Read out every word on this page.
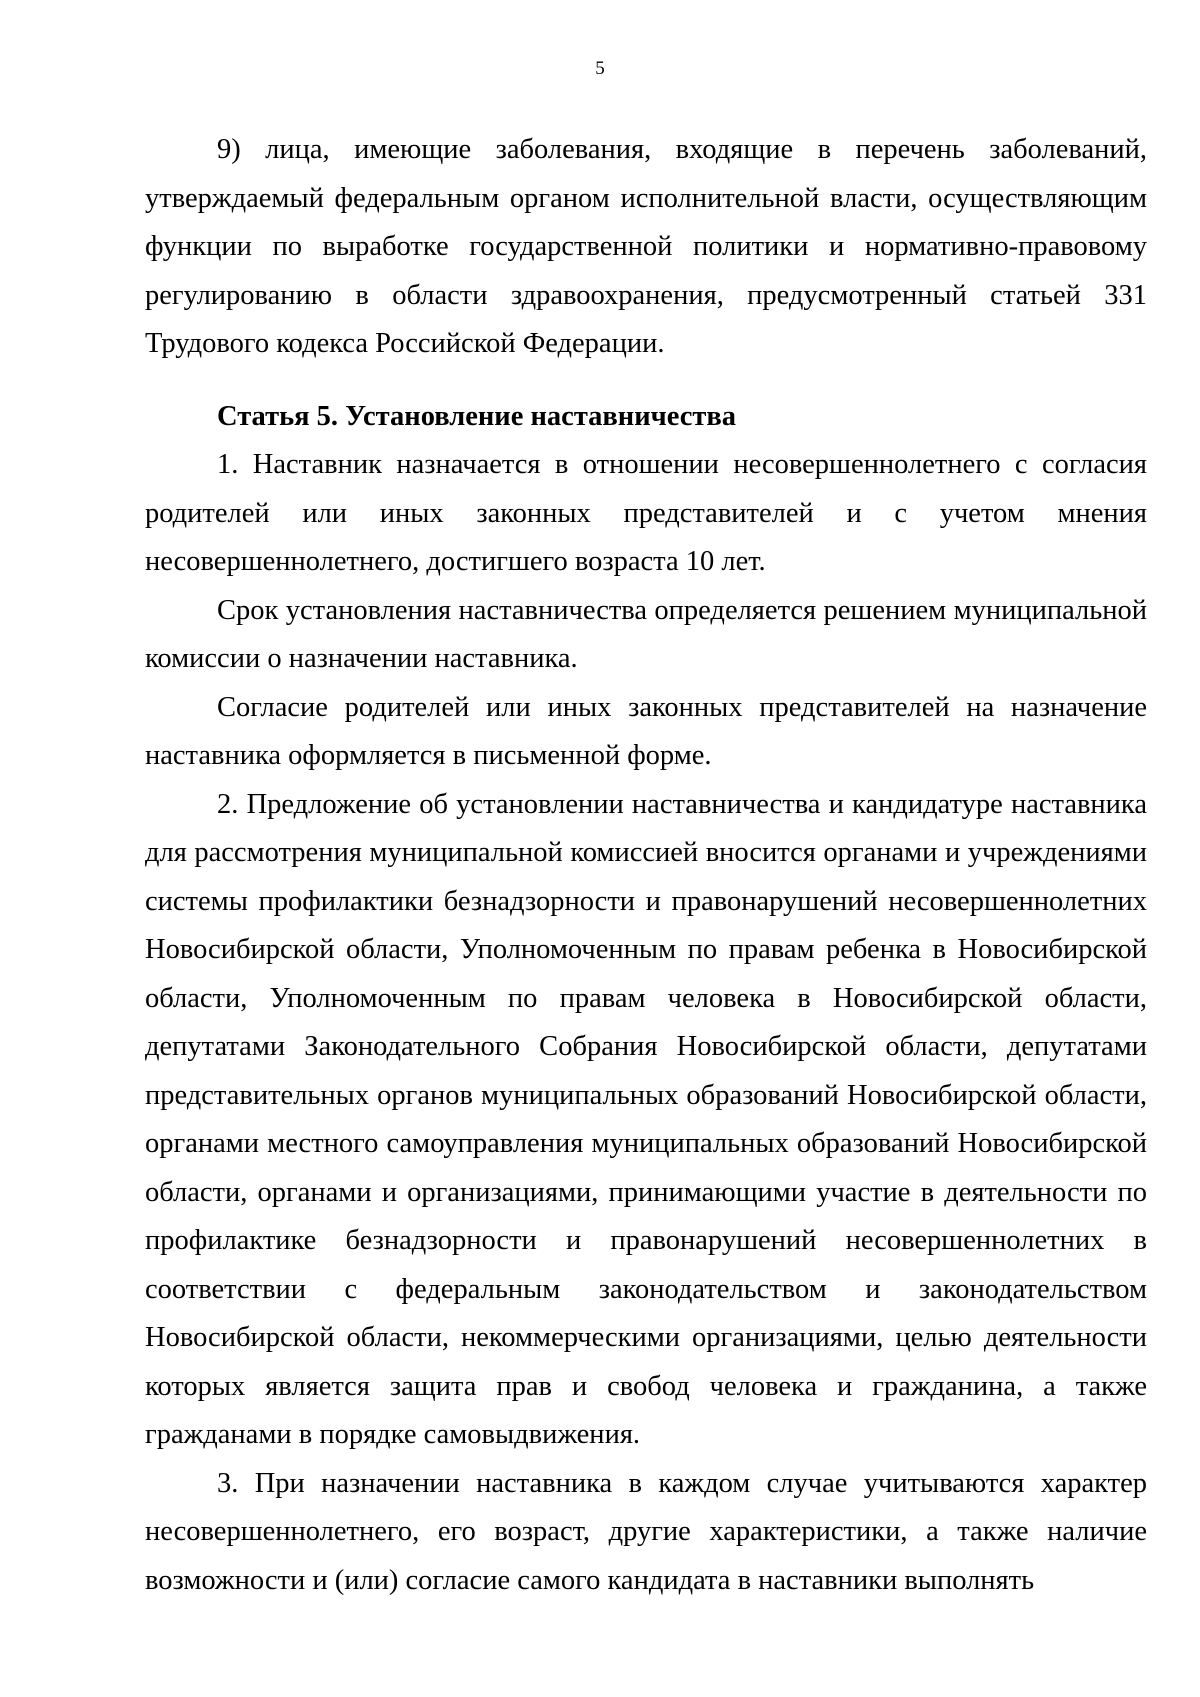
5

9) лица, имеющие заболевания, входящие в перечень заболеваний, утверждаемый федеральным органом исполнительной власти, осуществляющим функции по выработке государственной политики и нормативно-правовому регулированию в области здравоохранения, предусмотренный статьей 331 Трудового кодекса Российской Федерации.

Статья 5. Установление наставничества

1. Наставник назначается в отношении несовершеннолетнего с согласия родителей или иных законных представителей и с учетом мнения несовершеннолетнего, достигшего возраста 10 лет.

Срок установления наставничества определяется решением муниципальной комиссии о назначении наставника.

Согласие родителей или иных законных представителей на назначение наставника оформляется в письменной форме.

2. Предложение об установлении наставничества и кандидатуре наставника для рассмотрения муниципальной комиссией вносится органами и учреждениями системы профилактики безнадзорности и правонарушений несовершеннолетних Новосибирской области, Уполномоченным по правам ребенка в Новосибирской области, Уполномоченным по правам человека в Новосибирской области, депутатами Законодательного Собрания Новосибирской области, депутатами представительных органов муниципальных образований Новосибирской области, органами местного самоуправления муниципальных образований Новосибирской области, органами и организациями, принимающими участие в деятельности по профилактике безнадзорности и правонарушений несовершеннолетних в соответствии с федеральным законодательством и законодательством Новосибирской области, некоммерческими организациями, целью деятельности которых является защита прав и свобод человека и гражданина, а также гражданами в порядке самовыдвижения.

3. При назначении наставника в каждом случае учитываются характер несовершеннолетнего, его возраст, другие характеристики, а также наличие возможности и (или) согласие самого кандидата в наставники выполнять
